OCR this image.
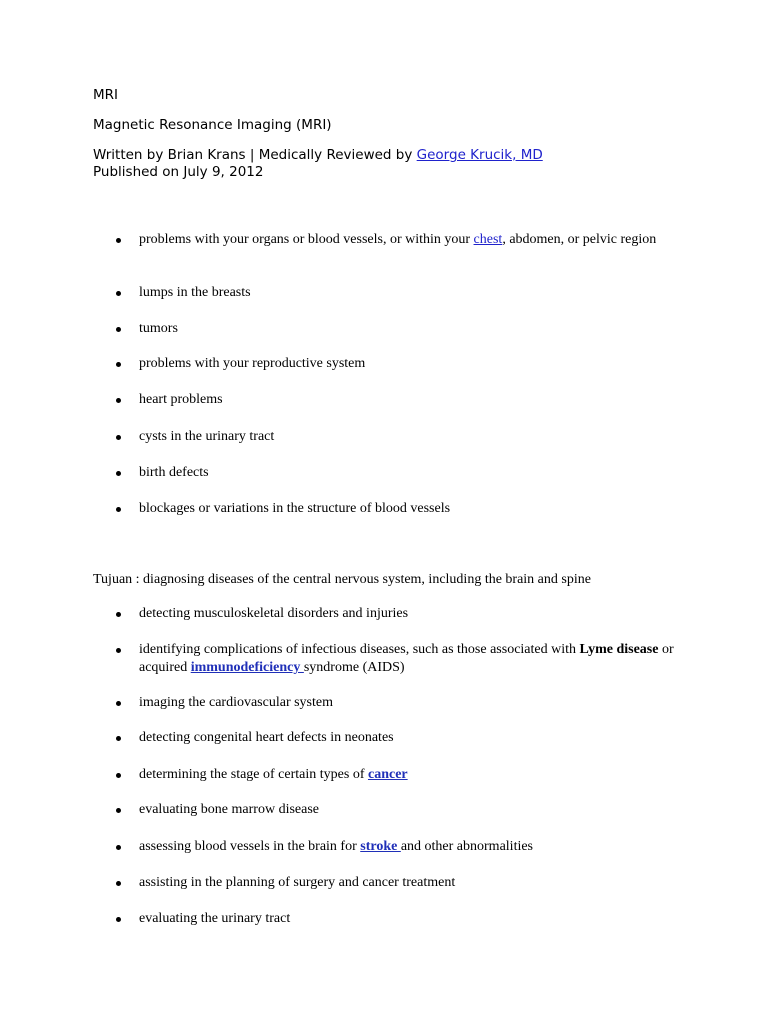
MRI
Magnetic Resonance Imaging (MRI)
Written by Brian Krans | Medically Reviewed by George Krucik, MD
Published on July 9, 2012
problems with your organs or blood vessels, or within your chest, abdomen, or pelvic region
lumps in the breasts
tumors
problems with your reproductive system
heart problems
cysts in the urinary tract
birth defects
blockages or variations in the structure of blood vessels
Tujuan : diagnosing diseases of the central nervous system, including the brain and spine
detecting musculoskeletal disorders and injuries
identifying complications of infectious diseases, such as those associated with Lyme disease or acquired immunodeficiency syndrome (AIDS)
imaging the cardiovascular system
detecting congenital heart defects in neonates
determining the stage of certain types of cancer
evaluating bone marrow disease
assessing blood vessels in the brain for stroke and other abnormalities
assisting in the planning of surgery and cancer treatment
evaluating the urinary tract
